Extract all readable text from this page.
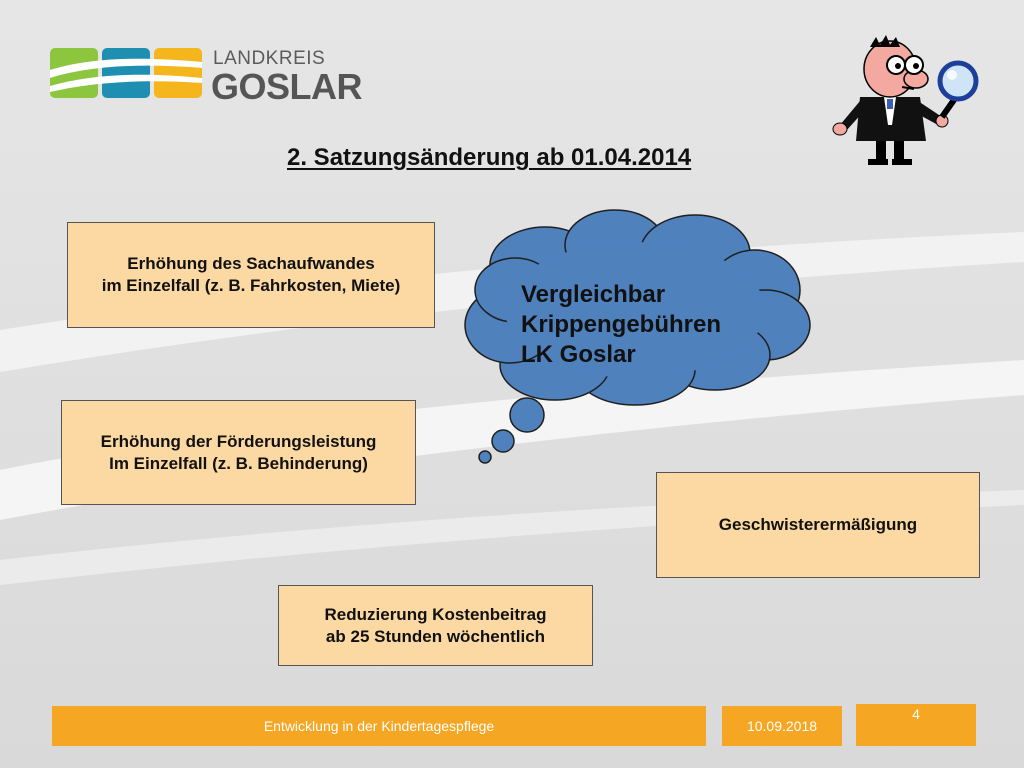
LANDKREIS
GOSLAR
2. Satzungsänderung ab 01.04.2014
Erhöhung des Sachaufwandes
im Einzelfall (z. B. Fahrkosten, Miete)
Erhöhung der Förderungsleistung
Im Einzelfall (z. B. Behinderung)
Geschwisterermäßigung
Reduzierung Kostenbeitrag
ab 25 Stunden wöchentlich
Vergleichbar
Krippengebühren
LK Goslar
Entwicklung in der Kindertagespflege	10.09.2018
4
